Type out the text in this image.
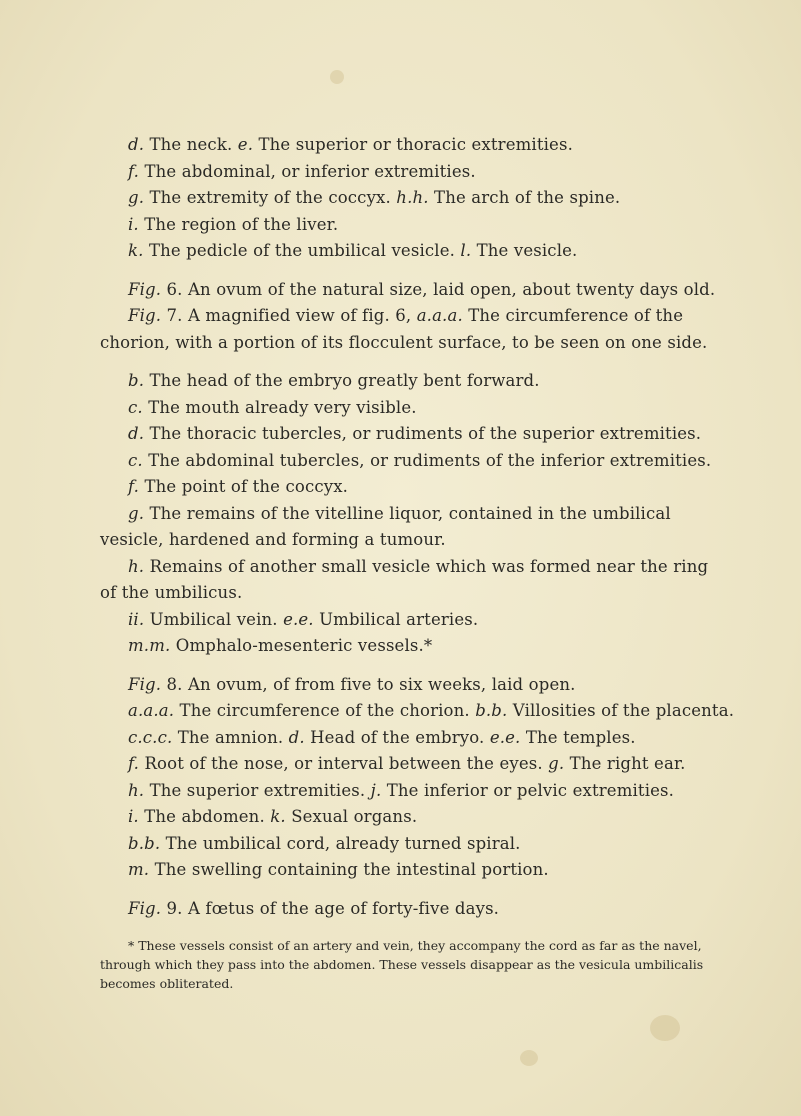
d. The neck. e. The superior or thoracic extremities.
f. The abdominal, or inferior extremities.
g. The extremity of the coccyx. h.h. The arch of the spine.
i. The region of the liver.
k. The pedicle of the umbilical vesicle. l. The vesicle.
Fig. 6. An ovum of the natural size, laid open, about twenty days old.
Fig. 7. A magnified view of fig. 6, a.a.a. The circumference of the
chorion, with a portion of its flocculent surface, to be seen on one side.
b. The head of the embryo greatly bent forward.
c. The mouth already very visible.
d. The thoracic tubercles, or rudiments of the superior extremities.
c. The abdominal tubercles, or rudiments of the inferior extremities.
f. The point of the coccyx.
g. The remains of the vitelline liquor, contained in the umbilical
vesicle, hardened and forming a tumour.
h. Remains of another small vesicle which was formed near the ring
of the umbilicus.
ii. Umbilical vein. e.e. Umbilical arteries.
m.m. Omphalo-mesenteric vessels.*
Fig. 8. An ovum, of from five to six weeks, laid open.
a.a.a. The circumference of the chorion. b.b. Villosities of the placenta.
c.c.c. The amnion. d. Head of the embryo. e.e. The temples.
f. Root of the nose, or interval between the eyes. g. The right ear.
h. The superior extremities. j. The inferior or pelvic extremities.
i. The abdomen. k. Sexual organs.
b.b. The umbilical cord, already turned spiral.
m. The swelling containing the intestinal portion.
Fig. 9. A fœtus of the age of forty-five days.
* These vessels consist of an artery and vein, they accompany the cord as far as the navel,
through which they pass into the abdomen. These vessels disappear as the vesicula umbilicalis
becomes obliterated.
